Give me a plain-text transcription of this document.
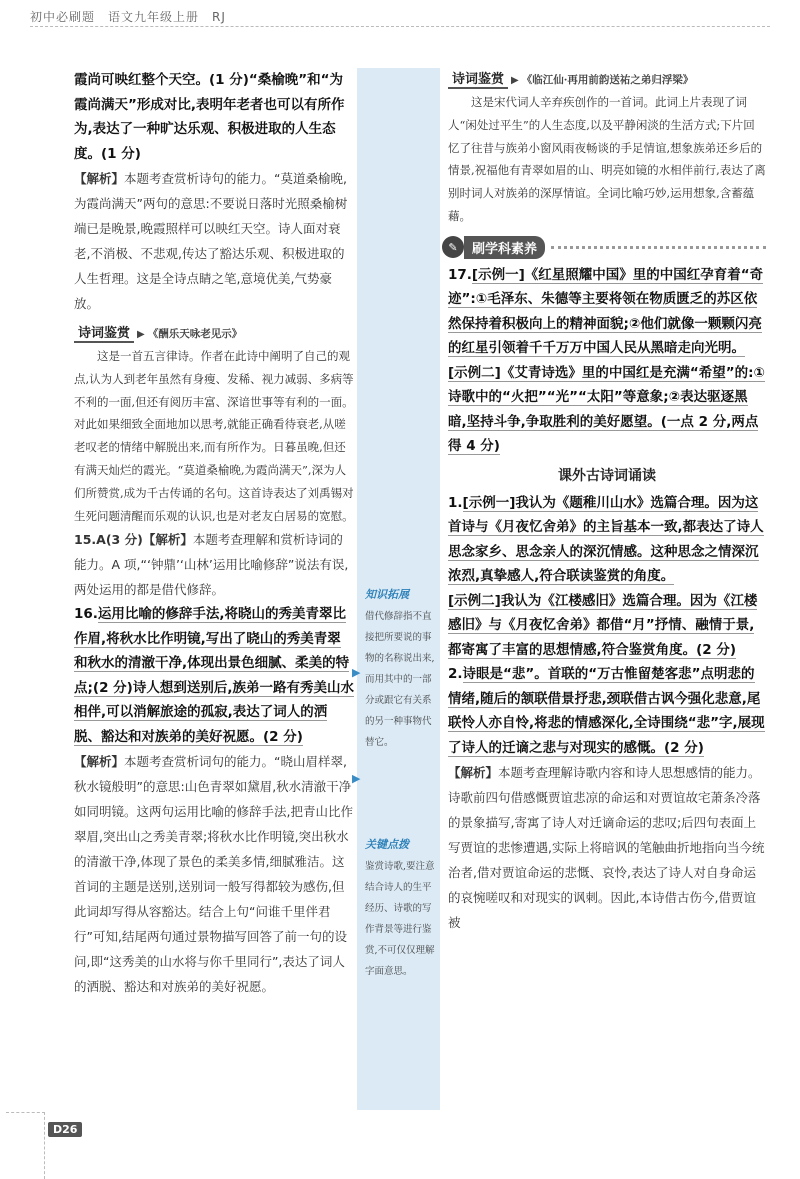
初中必刷题　语文九年级上册　RJ

霞尚可映红整个天空。(1 分)“桑榆晚”和“为霞尚满天”形成对比,表明年老者也可以有所作为,表达了一种旷达乐观、积极进取的人生态度。(1 分)

【解析】本题考查赏析诗句的能力。“莫道桑榆晚,为霞尚满天”两句的意思:不要说日落时光照桑榆树端已是晚景,晚霞照样可以映红天空。诗人面对衰老,不消极、不悲观,传达了豁达乐观、积极进取的人生哲理。这是全诗点睛之笔,意境优美,气势豪放。

诗词鉴赏 ▶ 《酬乐天咏老见示》

这是一首五言律诗。作者在此诗中阐明了自己的观点,认为人到老年虽然有身瘦、发稀、视力减弱、多病等不利的一面,但还有阅历丰富、深谙世事等有利的一面。对此如果细致全面地加以思考,就能正确看待衰老,从嗟老叹老的情绪中解脱出来,而有所作为。日暮虽晚,但还有满天灿烂的霞光。“莫道桑榆晚,为霞尚满天”,深为人们所赞赏,成为千古传诵的名句。这首诗表达了刘禹锡对生死问题清醒而乐观的认识,也是对老友白居易的宽慰。

15.A(3 分)【解析】本题考查理解和赏析诗词的能力。A 项,“‘钟鼎’‘山林’运用比喻修辞”说法有误,两处运用的都是借代修辞。

16.运用比喻的修辞手法,将晓山的秀美青翠比作眉,将秋水比作明镜,写出了晓山的秀美青翠和秋水的清澈干净,体现出景色细腻、柔美的特点;(2 分)诗人想到送别后,族弟一路有秀美山水相伴,可以消解旅途的孤寂,表达了词人的洒脱、豁达和对族弟的美好祝愿。(2 分)

【解析】本题考查赏析词句的能力。“晓山眉样翠,秋水镜般明”的意思:山色青翠如黛眉,秋水清澈干净如同明镜。这两句运用比喻的修辞手法,把青山比作翠眉,突出山之秀美青翠;将秋水比作明镜,突出秋水的清澈干净,体现了景色的柔美多情,细腻雅洁。这首词的主题是送别,送别词一般写得都较为感伤,但此词却写得从容豁达。结合上句“问谁千里伴君行”可知,结尾两句通过景物描写回答了前一句的设问,即“这秀美的山水将与你千里同行”,表达了词人的洒脱、豁达和对族弟的美好祝愿。

知识拓展
借代修辞指不直接把所要说的事物的名称说出来,而用其中的一部分或跟它有关系的另一种事物代替它。
关键点拨
鉴赏诗歌,要注意结合诗人的生平经历、诗歌的写作背景等进行鉴赏,不可仅仅理解字面意思。
▶
▶
诗词鉴赏 ▶ 《临江仙·再用前韵送祐之弟归浮梁》

这是宋代词人辛弃疾创作的一首词。此词上片表现了词人“闲处过平生”的人生态度,以及平静闲淡的生活方式;下片回忆了往昔与族弟小窗风雨夜畅谈的手足情谊,想象族弟还乡后的情景,祝福他有青翠如眉的山、明亮如镜的水相伴前行,表达了离别时词人对族弟的深厚情谊。全词比喻巧妙,运用想象,含蓄蕴藉。

✎	刷学科素养

17.[示例一]《红星照耀中国》里的中国红孕育着“奇迹”:①毛泽东、朱德等主要将领在物质匮乏的苏区依然保持着积极向上的精神面貌;②他们就像一颗颗闪亮的红星引领着千千万万中国人民从黑暗走向光明。

[示例二]《艾青诗选》里的中国红是充满“希望”的:①诗歌中的“火把”“光”“太阳”等意象;②表达驱逐黑暗,坚持斗争,争取胜利的美好愿望。(一点 2 分,两点得 4 分)

课外古诗词诵读

1.[示例一]我认为《题稚川山水》选篇合理。因为这首诗与《月夜忆舍弟》的主旨基本一致,都表达了诗人思念家乡、思念亲人的深沉情感。这种思念之情深沉浓烈,真挚感人,符合联读鉴赏的角度。

[示例二]我认为《江楼感旧》选篇合理。因为《江楼感旧》与《月夜忆舍弟》都借“月”抒情、融情于景,都寄寓了丰富的思想情感,符合鉴赏角度。(2 分)

2.诗眼是“悲”。首联的“万古惟留楚客悲”点明悲的情绪,随后的颔联借景抒悲,颈联借古讽今强化悲意,尾联怜人亦自怜,将悲的情感深化,全诗围绕“悲”字,展现了诗人的迁谪之悲与对现实的感慨。(2 分)

【解析】本题考查理解诗歌内容和诗人思想感情的能力。诗歌前四句借感慨贾谊悲凉的命运和对贾谊故宅萧条冷落的景象描写,寄寓了诗人对迁谪命运的悲叹;后四句表面上写贾谊的悲惨遭遇,实际上将暗讽的笔触曲折地指向当今统治者,借对贾谊命运的悲慨、哀怜,表达了诗人对自身命运的哀惋嗟叹和对现实的讽刺。因此,本诗借古伤今,借贾谊被

D26
